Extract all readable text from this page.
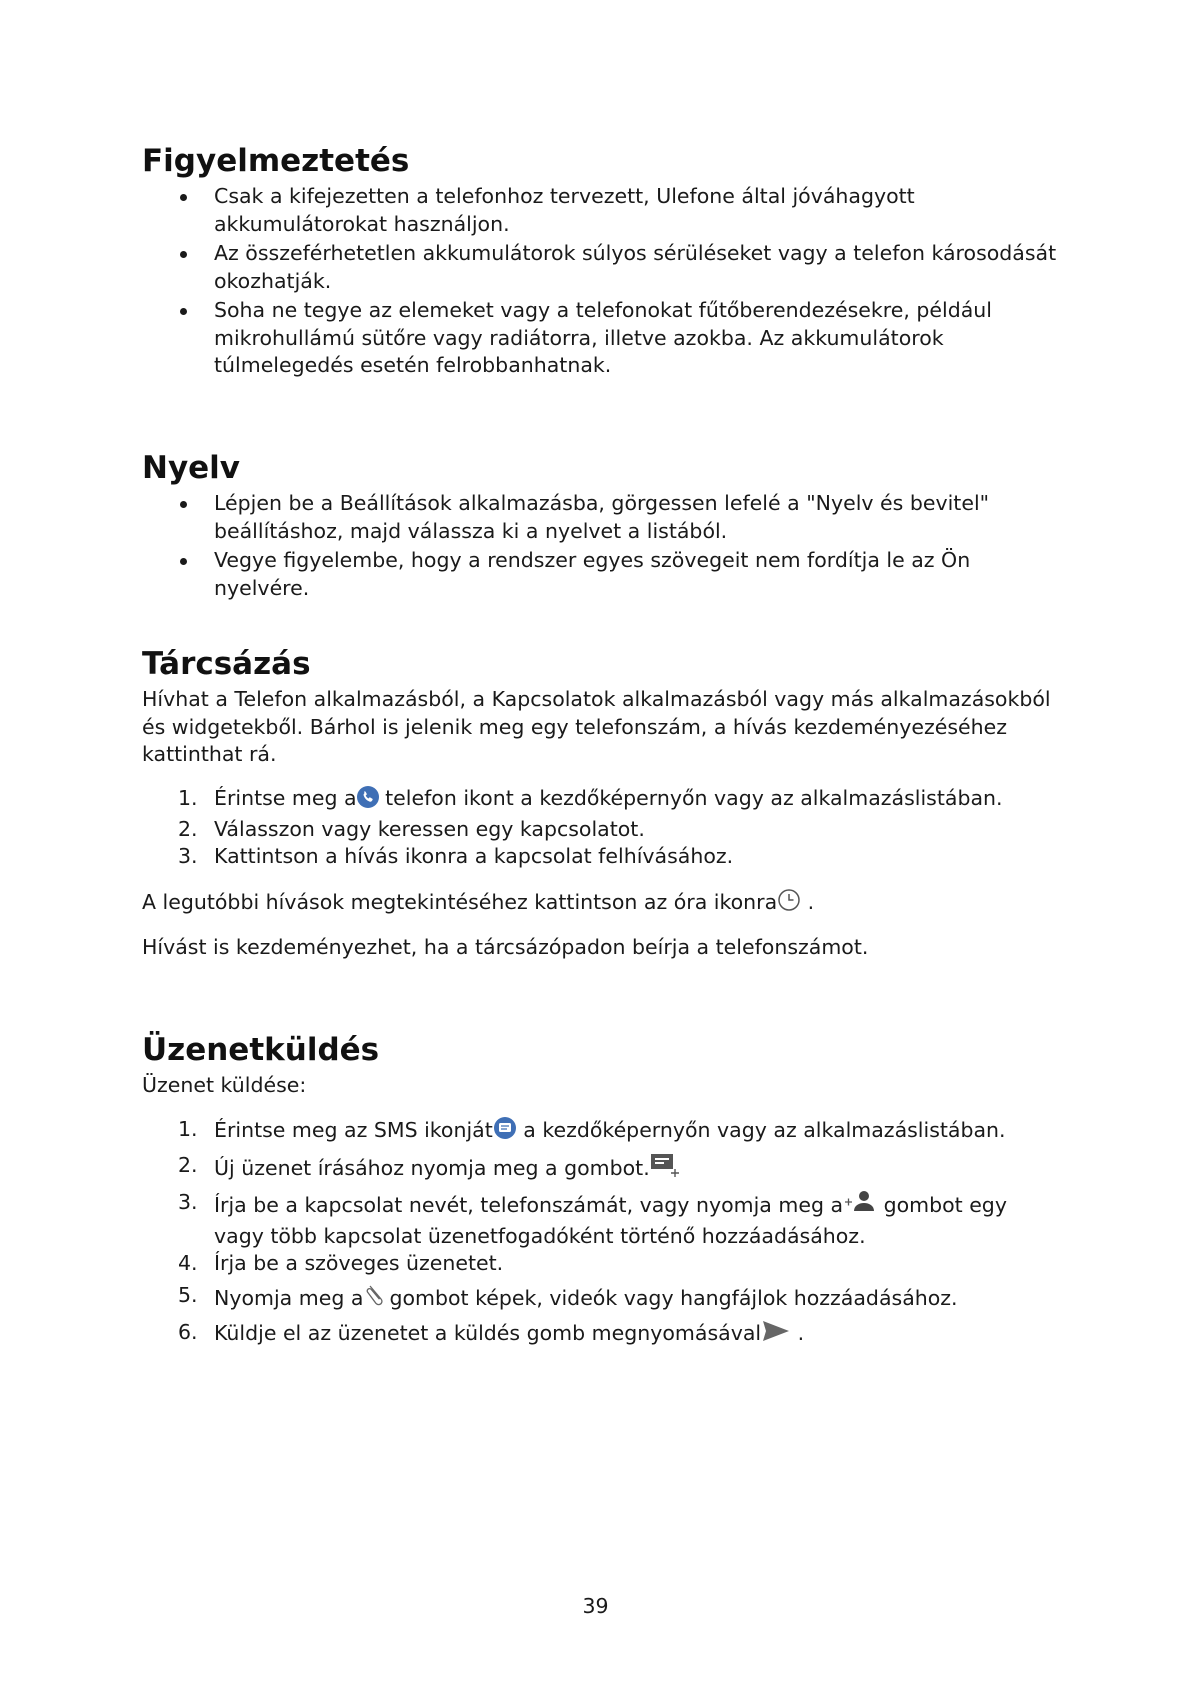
Figyelmeztetés
Csak a kifejezetten a telefonhoz tervezett, Ulefone által jóváhagyott akkumulátorokat használjon.
Az összeférhetetlen akkumulátorok súlyos sérüléseket vagy a telefon károsodását okozhatják.
Soha ne tegye az elemeket vagy a telefonokat fűtőberendezésekre, például mikrohullámú sütőre vagy radiátorra, illetve azokba. Az akkumulátorok túlmelegedés esetén felrobbanhatnak.
Nyelv
Lépjen be a Beállítások alkalmazásba, görgessen lefelé a "Nyelv és bevitel" beállításhoz, majd válassza ki a nyelvet a listából.
Vegye figyelembe, hogy a rendszer egyes szövegeit nem fordítja le az Ön nyelvére.
Tárcsázás
Hívhat a Telefon alkalmazásból, a Kapcsolatok alkalmazásból vagy más alkalmazásokból és widgetekből. Bárhol is jelenik meg egy telefonszám, a hívás kezdeményezéséhez kattinthat rá.
1. Érintse meg a telefon ikont a kezdőképernyőn vagy az alkalmazáslistában.
2. Válasszon vagy keressen egy kapcsolatot.
3. Kattintson a hívás ikonra a kapcsolat felhívásához.
A legutóbbi hívások megtekintéséhez kattintson az óra ikonra .
Hívást is kezdeményezhet, ha a tárcsázópadon beírja a telefonszámot.
Üzenetküldés
Üzenet küldése:
1. Érintse meg az SMS ikonját a kezdőképernyőn vagy az alkalmazáslistában.
2. Új üzenet írásához nyomja meg a gombot.
3. Írja be a kapcsolat nevét, telefonszámát, vagy nyomja meg a gombot egy vagy több kapcsolat üzenetfogadóként történő hozzáadásához.
4. Írja be a szöveges üzenetet.
5. Nyomja meg a gombot képek, videók vagy hangfájlok hozzáadásához.
6. Küldje el az üzenetet a küldés gomb megnyomásával .
39
